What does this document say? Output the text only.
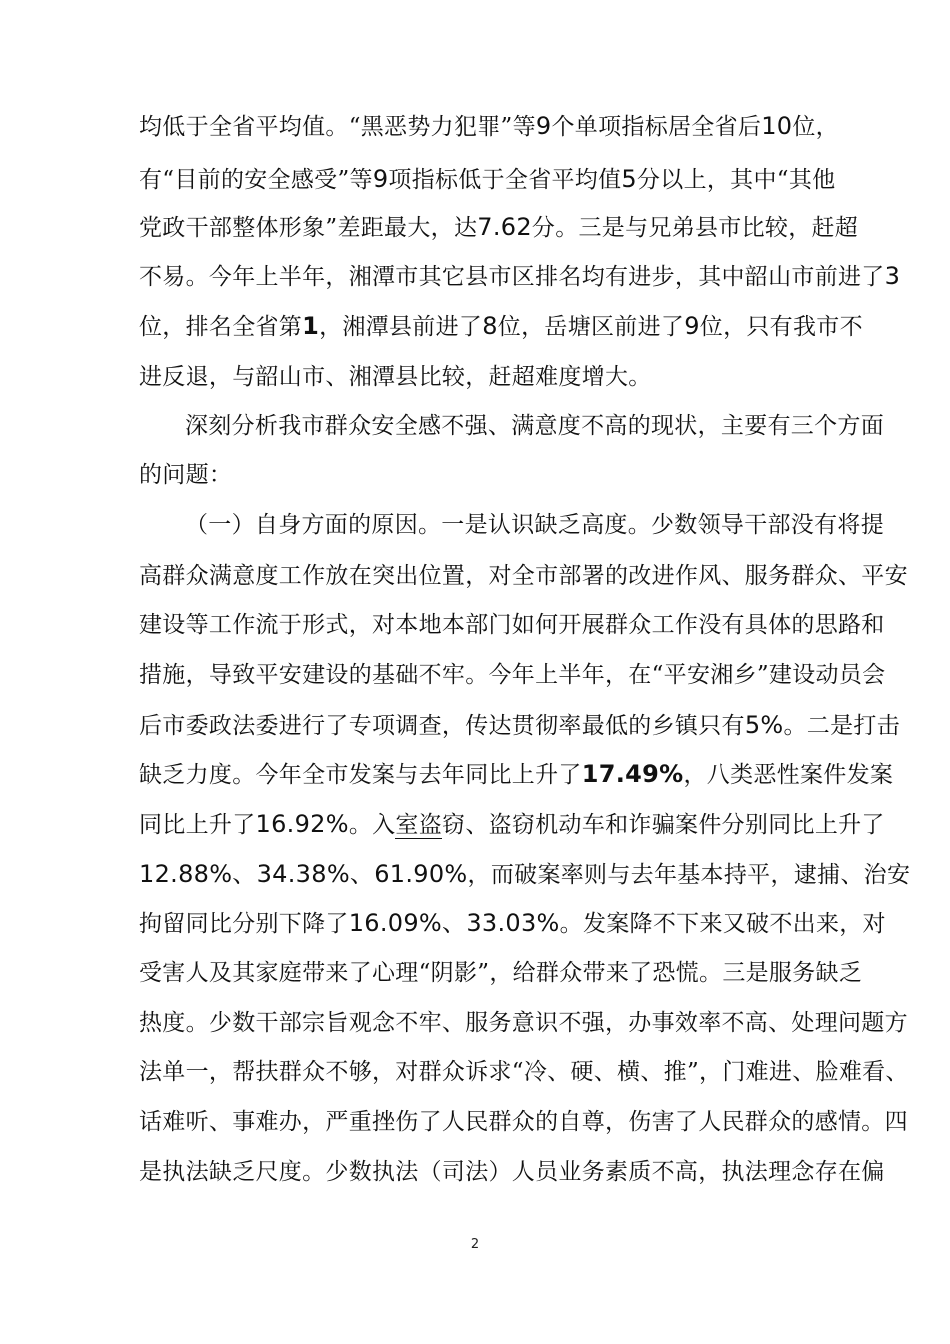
均低于全省平均值。“黑恶势力犯罪”等9个单项指标居全省后10位，
有“目前的安全感受”等9项指标低于全省平均值5分以上，其中“其他
党政干部整体形象”差距最大，达7.62分。三是与兄弟县市比较，赶超
不易。今年上半年，湘潭市其它县市区排名均有进步，其中韶山市前进了3
位，排名全省第1，湘潭县前进了8位，岳塘区前进了9位，只有我市不
进反退，与韶山市、湘潭县比较，赶超难度增大。
深刻分析我市群众安全感不强、满意度不高的现状，主要有三个方面
的问题：
（一）自身方面的原因。一是认识缺乏高度。少数领导干部没有将提
高群众满意度工作放在突出位置，对全市部署的改进作风、服务群众、平安
建设等工作流于形式，对本地本部门如何开展群众工作没有具体的思路和
措施，导致平安建设的基础不牢。今年上半年，在“平安湘乡”建设动员会
后市委政法委进行了专项调查，传达贯彻率最低的乡镇只有5%。二是打击
缺乏力度。今年全市发案与去年同比上升了17.49%，八类恶性案件发案
同比上升了16.92%。入室盗窃、盗窃机动车和诈骗案件分别同比上升了
12.88%、34.38%、61.90%，而破案率则与去年基本持平，逮捕、治安
拘留同比分别下降了16.09%、33.03%。发案降不下来又破不出来，对
受害人及其家庭带来了心理“阴影”，给群众带来了恐慌。三是服务缺乏
热度。少数干部宗旨观念不牢、服务意识不强，办事效率不高、处理问题方
法单一，帮扶群众不够，对群众诉求“冷、硬、横、推”，门难进、脸难看、
话难听、事难办，严重挫伤了人民群众的自尊，伤害了人民群众的感情。四
是执法缺乏尺度。少数执法（司法）人员业务素质不高，执法理念存在偏
2
